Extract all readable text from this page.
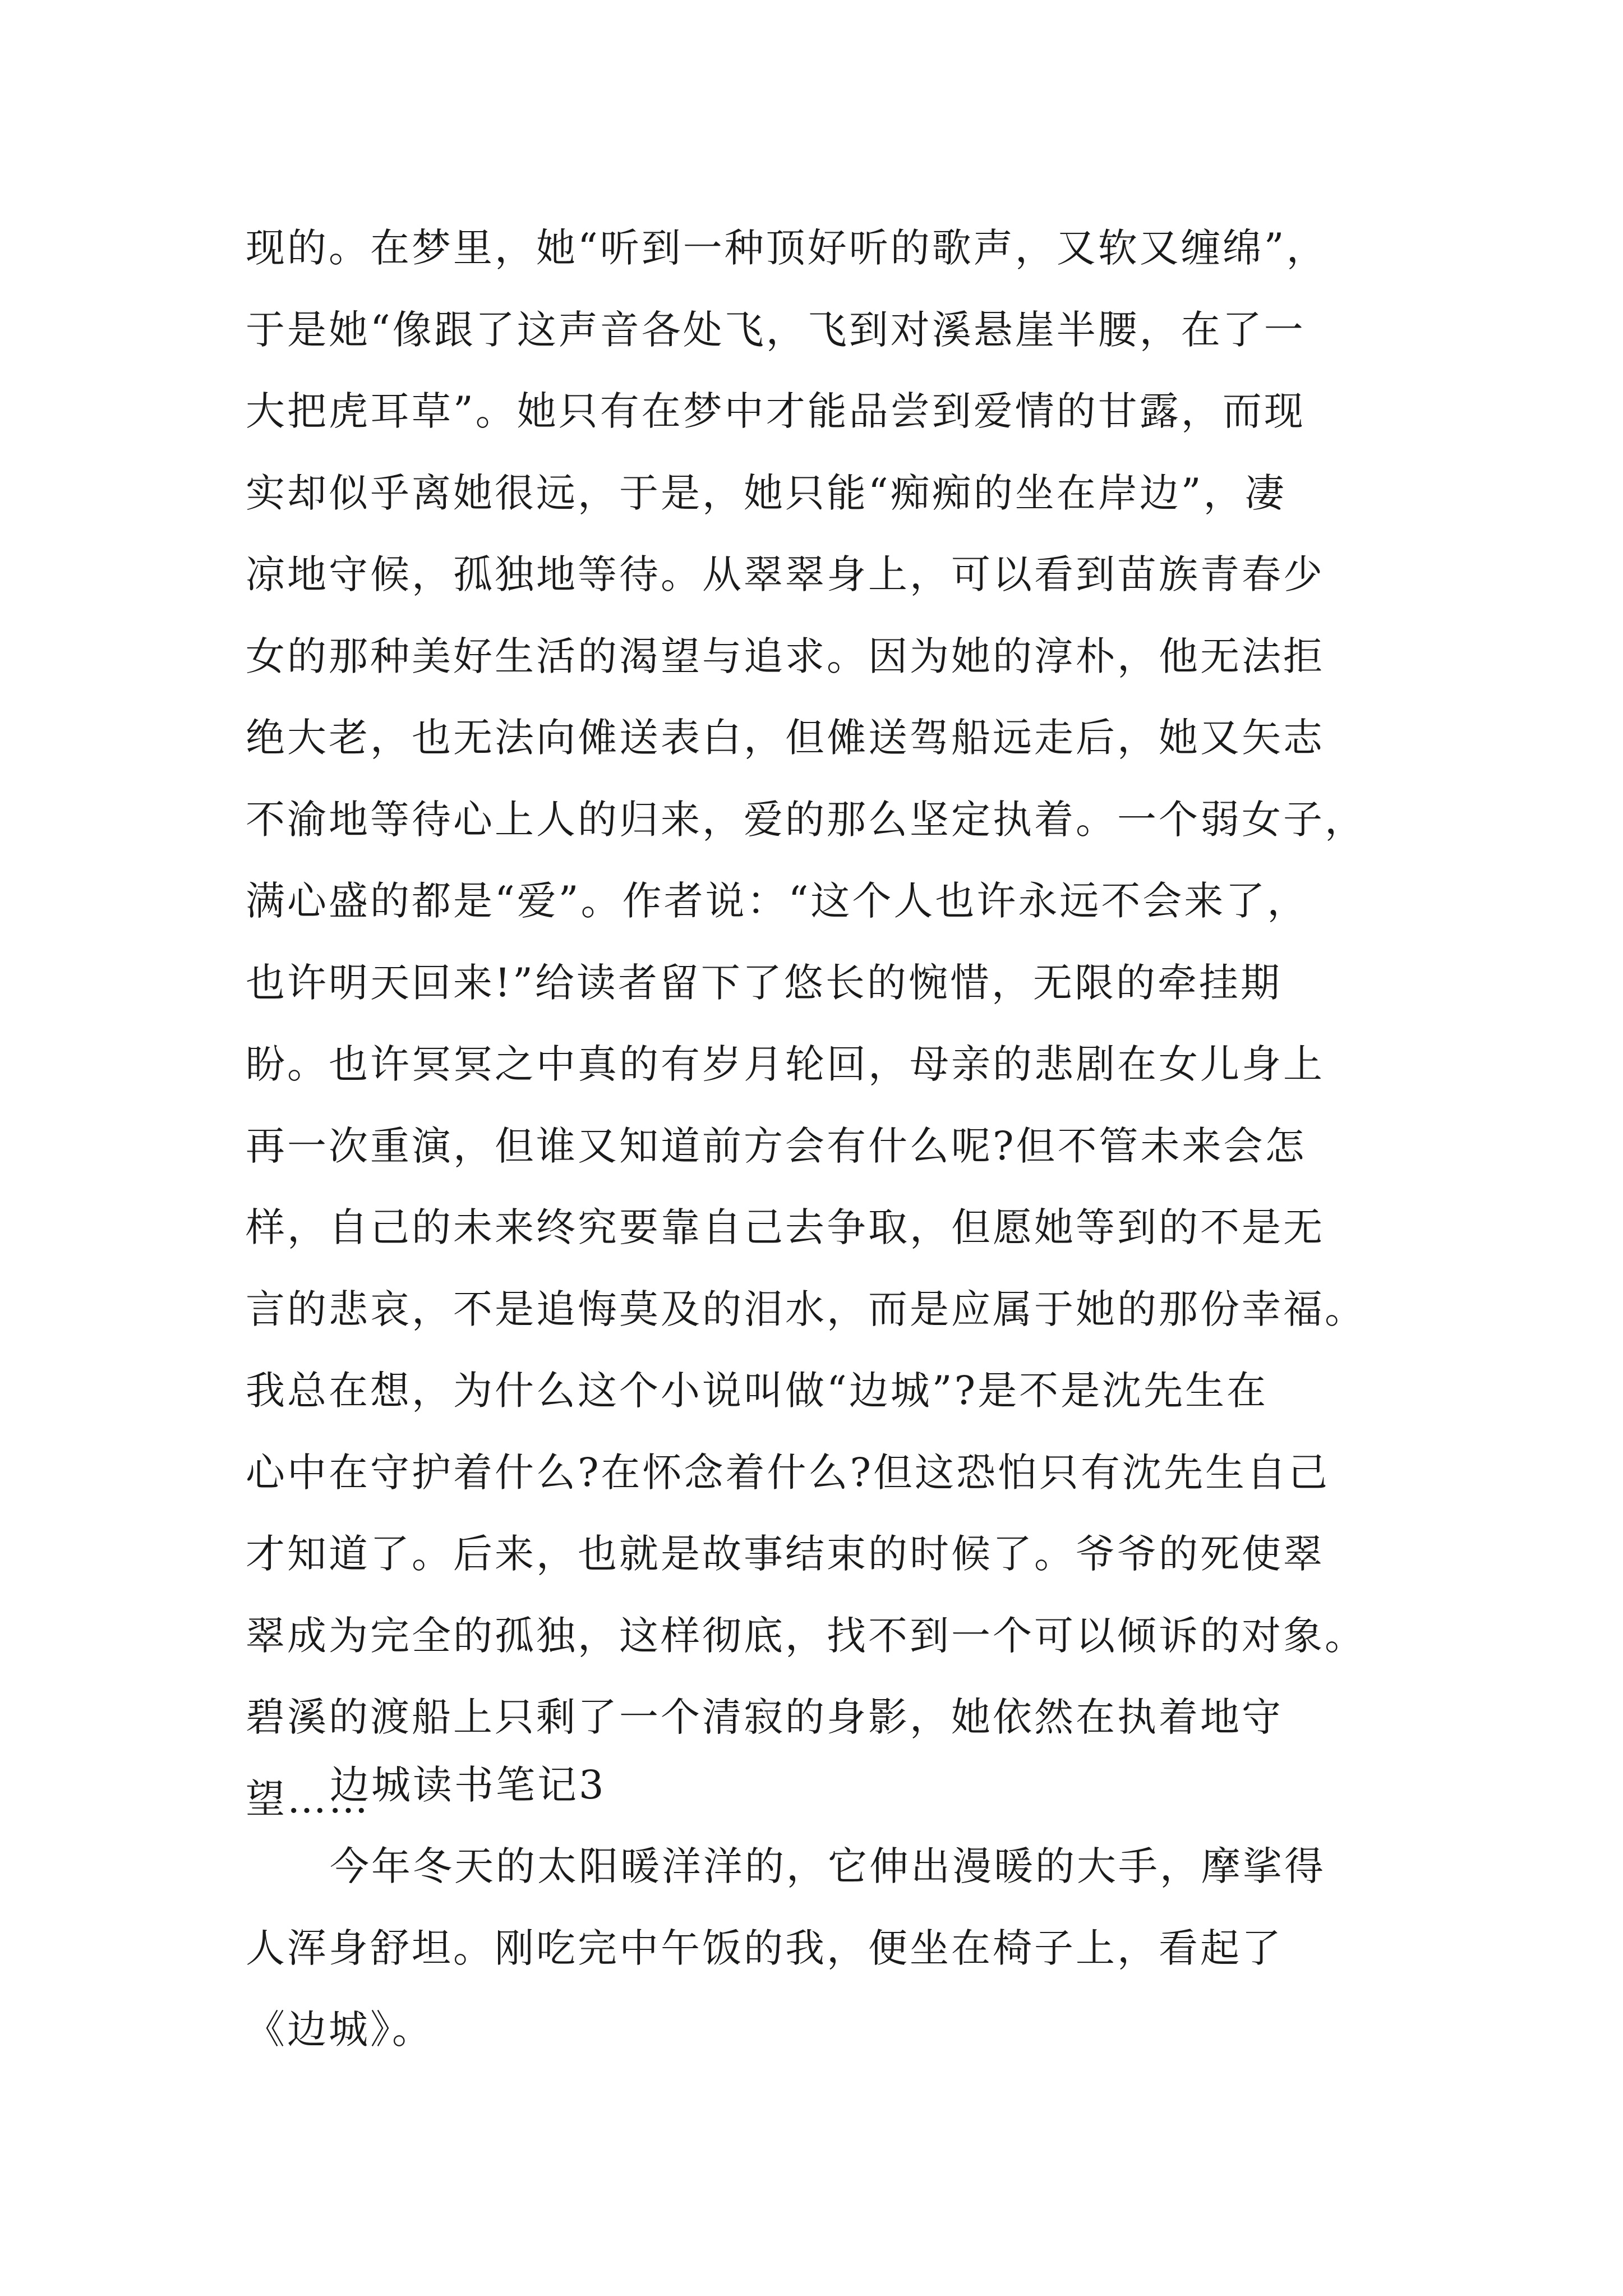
现的。在梦里，她“听到一种顶好听的歌声，又软又缠绵”，
于是她“像跟了这声音各处飞，飞到对溪悬崖半腰，在了一
大把虎耳草”。她只有在梦中才能品尝到爱情的甘露，而现
实却似乎离她很远，于是，她只能“痴痴的坐在岸边”，凄
凉地守候，孤独地等待。从翠翠身上，可以看到苗族青春少
女的那种美好生活的渴望与追求。因为她的淳朴，他无法拒
绝大老，也无法向傩送表白，但傩送驾船远走后，她又矢志
不渝地等待心上人的归来，爱的那么坚定执着。一个弱女子，
满心盛的都是“爱”。作者说：“这个人也许永远不会来了，
也许明天回来!”给读者留下了悠长的惋惜，无限的牵挂期
盼。也许冥冥之中真的有岁月轮回，母亲的悲剧在女儿身上
再一次重演，但谁又知道前方会有什么呢?但不管未来会怎
样，自己的未来终究要靠自己去争取，但愿她等到的不是无
言的悲哀，不是追悔莫及的泪水，而是应属于她的那份幸福。
我总在想，为什么这个小说叫做“边城”?是不是沈先生在
心中在守护着什么?在怀念着什么?但这恐怕只有沈先生自己
才知道了。后来，也就是故事结束的时候了。爷爷的死使翠
翠成为完全的孤独，这样彻底，找不到一个可以倾诉的对象。
碧溪的渡船上只剩了一个清寂的身影，她依然在执着地守
望……
边城读书笔记3
今年冬天的太阳暖洋洋的，它伸出漫暖的大手，摩挲得
人浑身舒坦。刚吃完中午饭的我，便坐在椅子上，看起了
《边城》。
